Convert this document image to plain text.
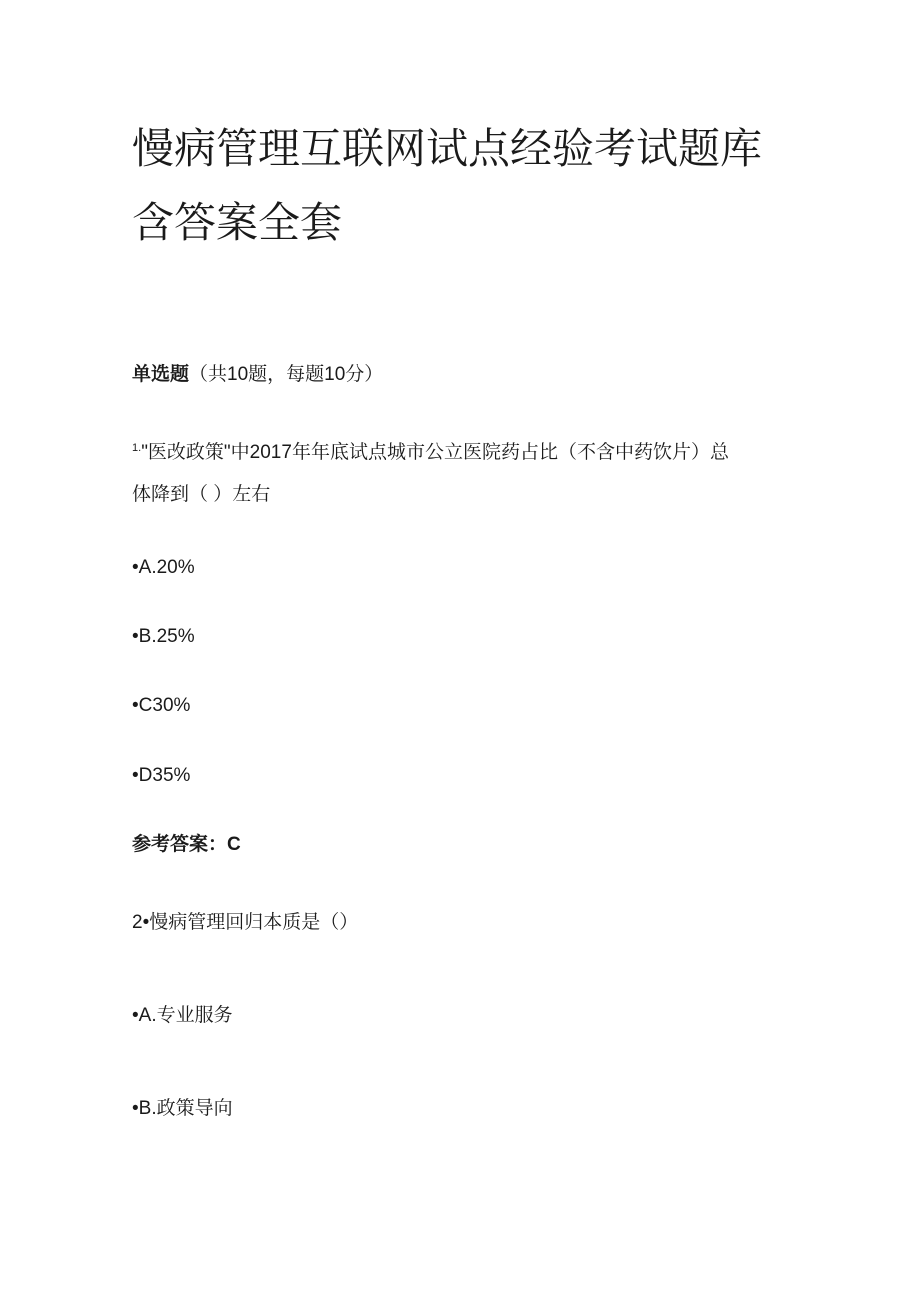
慢病管理互联网试点经验考试题库
含答案全套
单选题（共10题，每题10分）
$^{1.}$"医改政策"中2017年年底试点城市公立医院药占比（不含中药饮片）总
体降到（ ）左右
•A.20%
•B.25%
•C30%
•D35%
参考答案：C
2•慢病管理回归本质是（）
•A.专业服务
•B.政策导向
